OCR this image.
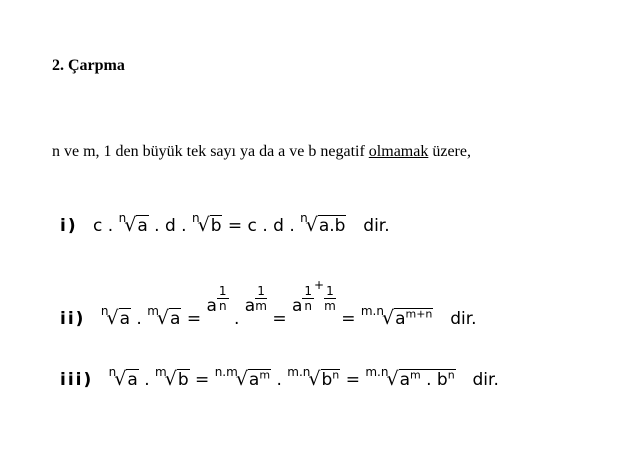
2. Çarpma
n ve m, 1 den büyük tek sayı ya da a ve b negatif olmamak üzere,
i) c . $^n$√a . d . $^n$√b = c . d . $^n$√a.b dir.
ii) $^n$√a . $^m$√a = a $\frac{1}{n}$
. a $\frac{1}{m}$
= a $\frac{1}{n} ^+ \frac{1}{m}$
= $^{m.n}√a^{m+n}$ dir.
iii) $^n$√a . $^m√b = ^{n.m}√a^m$ . $^{m.n}√b^n = ^{m.n}√a^m$ . $b^n$ dir.
